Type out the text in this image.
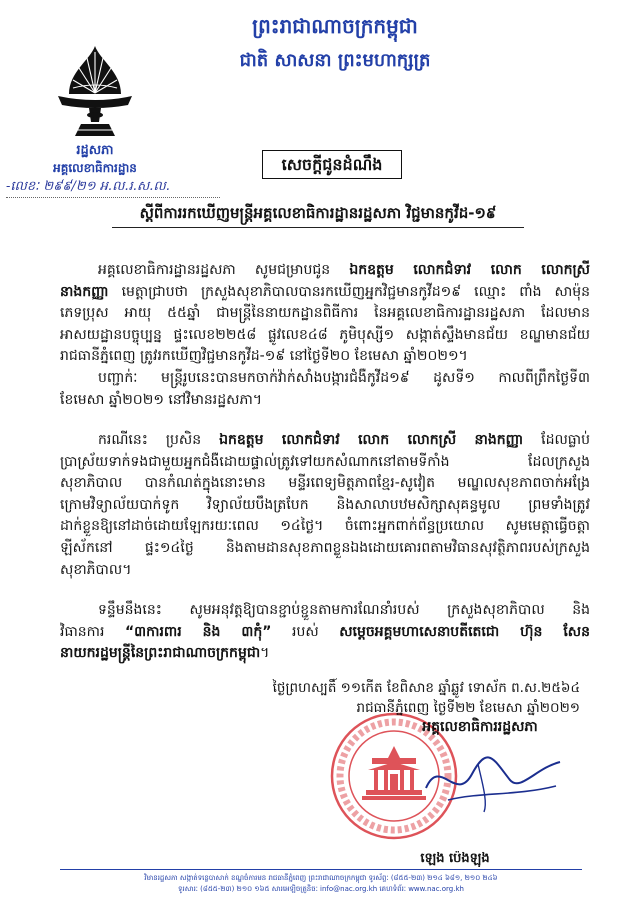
ព្រះរាជាណាចក្រកម្ពុជា
ជាតិ សាសនា ព្រះមហាក្សត្រ
រដ្ឋសភា
អគ្គលេខាធិការដ្ឋាន
-លេខៈ ២៩៩/២១ អ.ល.រ.ស.ល.
សេចក្តីជូនដំណឹង
ស្តីពីការរកឃើញមន្ត្រីអគ្គលេខាធិការដ្ឋានរដ្ឋសភា វិជ្ជមានកូវីដ-១៩
អគ្គលេខាធិការដ្ឋានរដ្ឋសភា សូមជម្រាបជូន ឯកឧត្តម លោកជំទាវ លោក លោកស្រី
នាងកញ្ញា មេត្តាជ្រាបថា ក្រសួងសុខាភិបាលបានរកឃើញអ្នកវិជ្ជមានកូវីដ១៩ ឈ្មោះ ពាំង សាម៉ុន
ភេទប្រុស អាយុ ៥៥ឆ្នាំ ជាមន្ត្រីនៃនាយកដ្ឋានពិធីការ នៃអគ្គលេខាធិការដ្ឋានរដ្ឋសភា ដែលមាន
អាសយដ្ឋានបច្ចុប្បន្ន ផ្ទះលេខ២២៥៨ ផ្លូវលេខ៤៨ ភូមិបុស្សី១ សង្កាត់ស្ទឹងមានជ័យ ខណ្ឌមានជ័យ
រាជធានីភ្នំពេញ ត្រូវរកឃើញវិជ្ជមានកូវីដ-១៩ នៅថ្ងៃទី២០ ខែមេសា ឆ្នាំ២០២១។
បញ្ជាក់ៈ មន្ត្រីរូបនេះបានមកចាក់វ៉ាក់សាំងបង្ការជំងឺកូវីដ១៩ ដូសទី១ កាលពីព្រឹកថ្ងៃទី៣
ខែមេសា ឆ្នាំ២០២១ នៅវិមានរដ្ឋសភា។
ករណីនេះ ប្រសិន ឯកឧត្តម លោកជំទាវ លោក លោកស្រី នាងកញ្ញា ដែលធ្លាប់
ប្រាស្រ័យទាក់ទងជាមួយអ្នកជំងឺដោយផ្ទាល់ត្រូវទៅយកសំណាកនៅតាមទីកាំង ដែលក្រសួង
សុខាភិបាល បានកំណត់ក្នុងនោះមាន មន្ទីរពេទ្យមិត្តភាពខ្មែរ-សូវៀត មណ្ឌលសុខភាពចាក់អង្រែ
ក្រោមវិទ្យាល័យបាក់ទូក វិទ្យាល័យបឹងត្របែក និងសាលាបឋមសិក្សាសុគន្ធមូល ព្រមទាំងត្រូវ
ដាក់ខ្លួនឱ្យនៅដាច់ដោយឡែករយៈពេល ១៤ថ្ងៃ។ ចំពោះអ្នកពាក់ព័ន្ធប្រយោល សូមមេត្តាធ្វើចត្តា
ឡីស័កនៅ ផ្ទះ១៤ថ្ងៃ និងតាមដានសុខភាពខ្លួនឯងដោយគោរពតាមវិធានសុវត្ថិភាពរបស់ក្រសួង
សុខាភិបាល។
ទន្ទឹមនឹងនេះ សូមអនុវត្តឱ្យបានខ្ជាប់ខ្ជួនតាមការណែនាំរបស់ ក្រសួងសុខាភិបាល និង
វិធានការ “៣ការពារ និង ៣កុំ” របស់ សម្តេចអគ្គមហាសេនាបតីតេជោ ហ៊ុន សែន
នាយករដ្ឋមន្ត្រីនៃព្រះរាជាណាចក្រកម្ពុជា។
ថ្ងៃព្រហស្បតិ៍ ១១កើត ខែពិសាខ ឆ្នាំឆ្លូវ ទោស័ក ព.ស.២៥៦៤
រាជធានីភ្នំពេញ ថ្ងៃទី២២ ខែមេសា ឆ្នាំ២០២១
អគ្គលេខាធិការរដ្ឋសភា
ឡេង ប៉េងឡុង
វិមានរដ្ឋសភា សង្កាត់ទន្លេបាសាក់ ខណ្ឌចំការមន រាជធានីភ្នំពេញ ព្រះរាជាណាចក្រកម្ពុជា ទូរស័ព្ទៈ (៨៥៥-២៣) ២១៤ ៦៨១, ២១០ ២៤៦
ទូរសារៈ (៨៥៥-២៣) ២១០ ១៦៥ សារអេឡិចត្រូនិចៈ info@nac.org.kh គេហទំព័រៈ www.nac.org.kh
